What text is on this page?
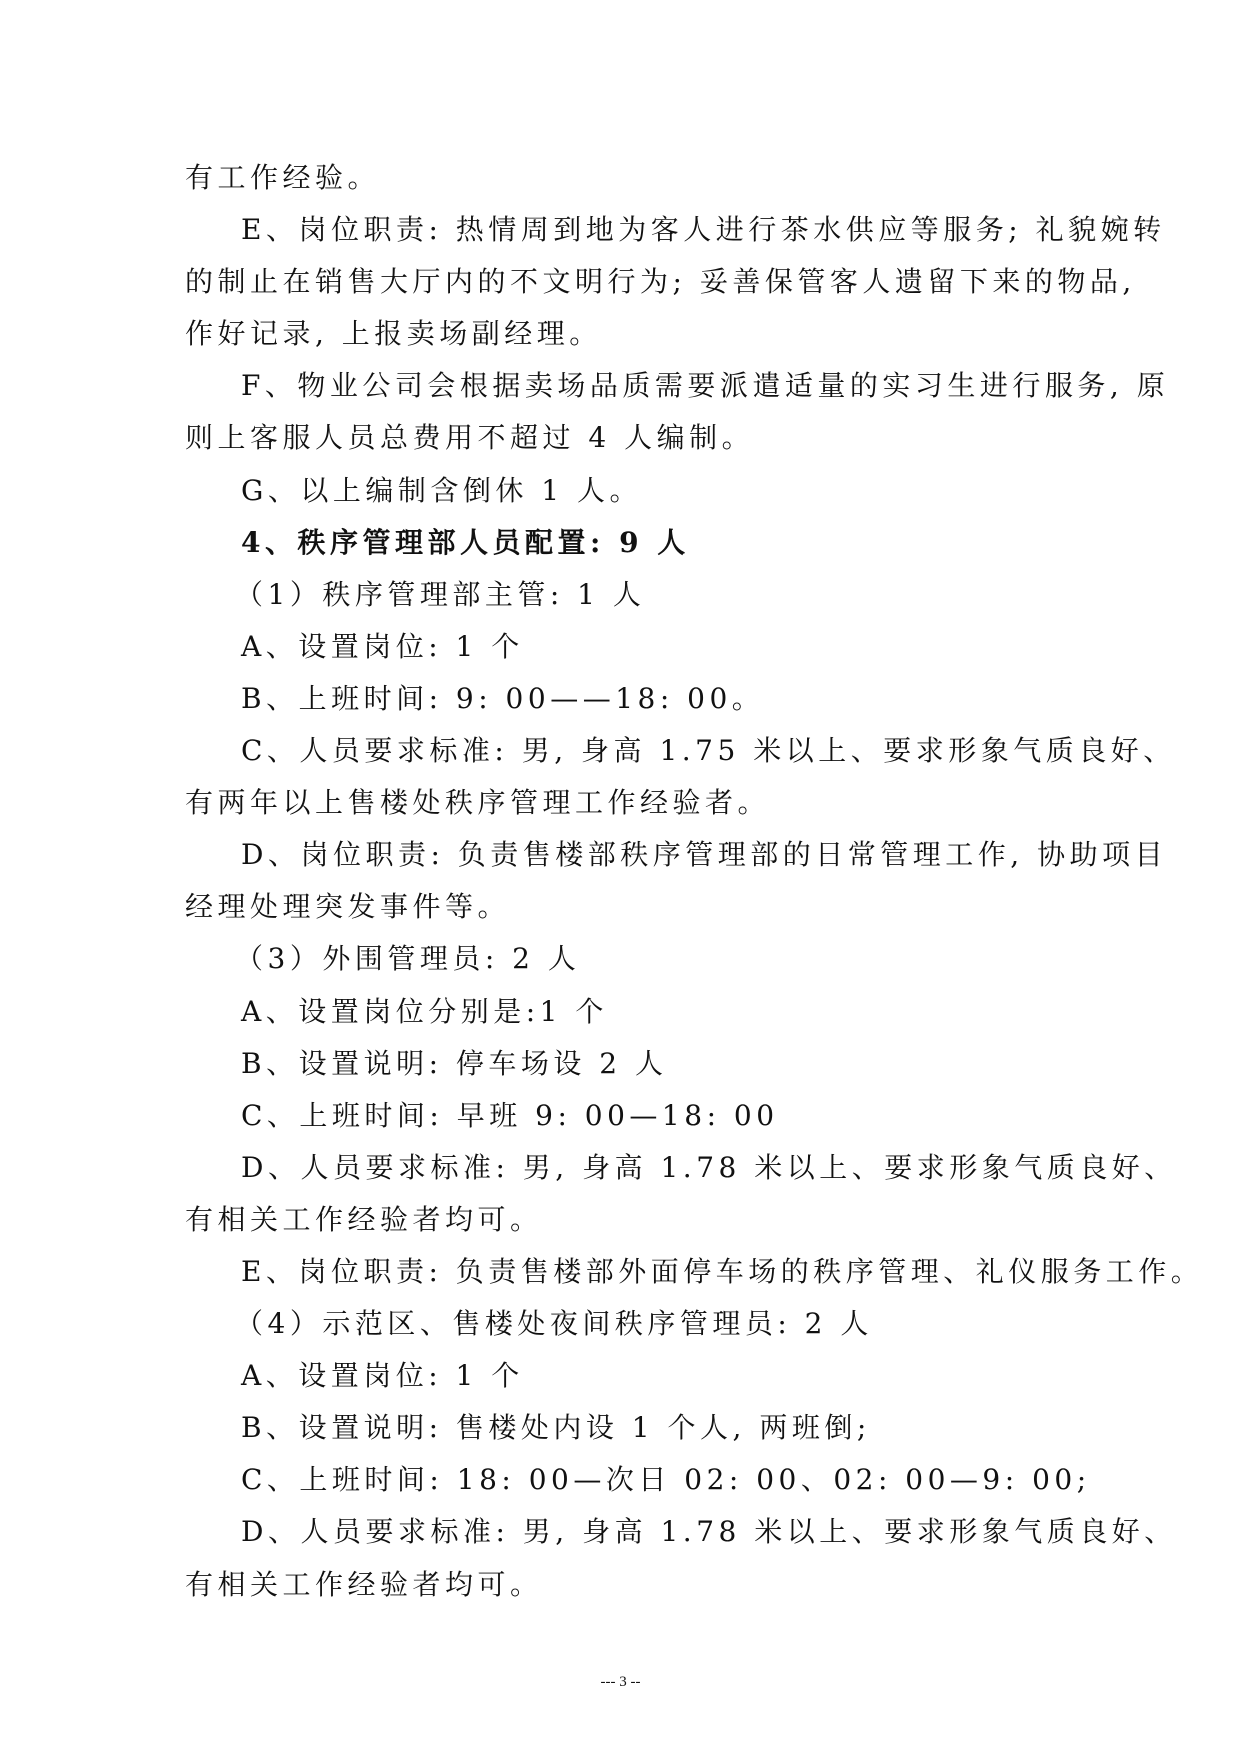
有工作经验。
E、岗位职责: 热情周到地为客人进行茶水供应等服务; 礼貌婉转
的制止在销售大厅内的不文明行为; 妥善保管客人遗留下来的物品,
作好记录, 上报卖场副经理。
F、物业公司会根据卖场品质需要派遣适量的实习生进行服务, 原
则上客服人员总费用不超过 4 人编制。
G、以上编制含倒休 1 人。
4、秩序管理部人员配置: 9 人
（1）秩序管理部主管: 1 人
A、设置岗位: 1 个
B、上班时间: 9: 00——18: 00。
C、人员要求标准: 男, 身高 1.75 米以上、要求形象气质良好、
有两年以上售楼处秩序管理工作经验者。
D、岗位职责: 负责售楼部秩序管理部的日常管理工作, 协助项目
经理处理突发事件等。
（3）外围管理员: 2 人
A、设置岗位分别是:1 个
B、设置说明: 停车场设 2 人
C、上班时间: 早班 9: 00—18: 00
D、人员要求标准: 男, 身高 1.78 米以上、要求形象气质良好、
有相关工作经验者均可。
E、岗位职责: 负责售楼部外面停车场的秩序管理、礼仪服务工作。
（4）示范区、售楼处夜间秩序管理员: 2 人
A、设置岗位: 1 个
B、设置说明: 售楼处内设 1 个人, 两班倒;
C、上班时间: 18: 00—次日 02: 00、02: 00—9: 00;
D、人员要求标准: 男, 身高 1.78 米以上、要求形象气质良好、
有相关工作经验者均可。
--- 3 --
